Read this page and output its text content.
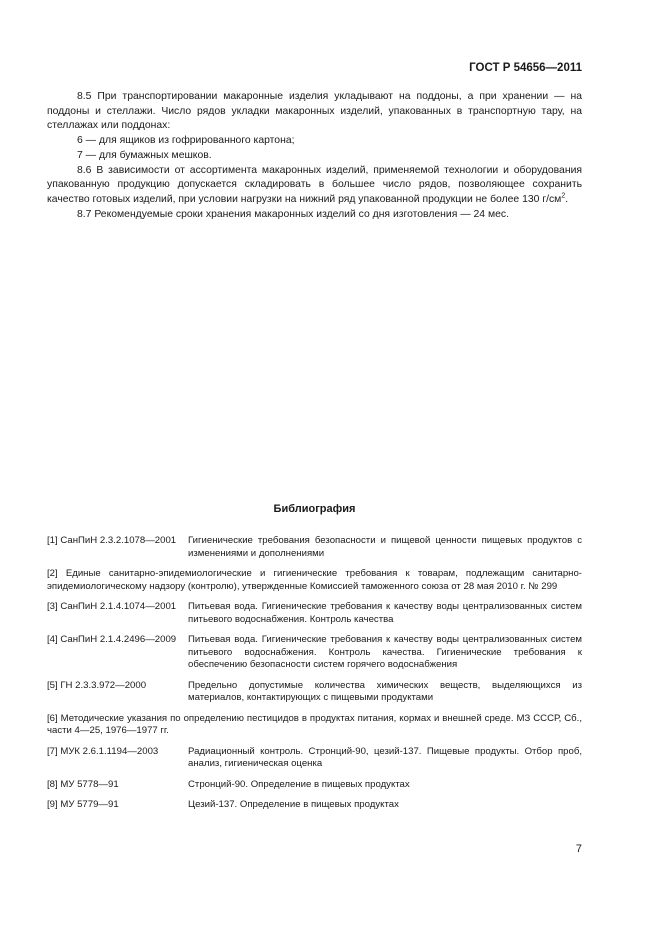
ГОСТ Р 54656—2011

8.5 При транспортировании макаронные изделия укладывают на поддоны, а при хранении — на поддоны и стеллажи. Число рядов укладки макаронных изделий, упакованных в транспортную тару, на стеллажах или поддонах:

6 — для ящиков из гофрированного картона;

7 — для бумажных мешков.

8.6 В зависимости от ассортимента макаронных изделий, применяемой технологии и оборудования упакованную продукцию допускается складировать в большее число рядов, позволяющее сохранить качество готовых изделий, при условии нагрузки на нижний ряд упакованной продукции не более 130 $г/см^2$.

8.7 Рекомендуемые сроки хранения макаронных изделий со дня изготовления — 24 мес.

Библиография
[1] СанПиН 2.3.2.1078—2001	Гигиенические требования безопасности и пищевой ценности пищевых продуктов с изменениями и дополнениями
[2] Единые санитарно-эпидемиологические и гигиенические требования к товарам, подлежащим санитарно-эпидемиологическому надзору (контролю), утвержденные Комиссией таможенного союза от 28 мая 2010 г. № 299
[3] СанПиН 2.1.4.1074—2001	Питьевая вода. Гигиенические требования к качеству воды централизованных систем питьевого водоснабжения. Контроль качества
[4] СанПиН 2.1.4.2496—2009	Питьевая вода. Гигиенические требования к качеству воды централизованных систем питьевого водоснабжения. Контроль качества. Гигиенические требования к обеспечению безопасности систем горячего водоснабжения
[5] ГН 2.3.3.972—2000	Предельно допустимые количества химических веществ, выделяющихся из материалов, контактирующих с пищевыми продуктами
[6] Методические указания по определению пестицидов в продуктах питания, кормах и внешней среде. МЗ СССР, Сб., части 4—25, 1976—1977 гг.
[7] МУК 2.6.1.1194—2003	Радиационный контроль. Стронций-90, цезий-137. Пищевые продукты. Отбор проб, анализ, гигиеническая оценка
[8] МУ 5778—91	Стронций-90. Определение в пищевых продуктах
[9] МУ 5779—91	Цезий-137. Определение в пищевых продуктах
7
